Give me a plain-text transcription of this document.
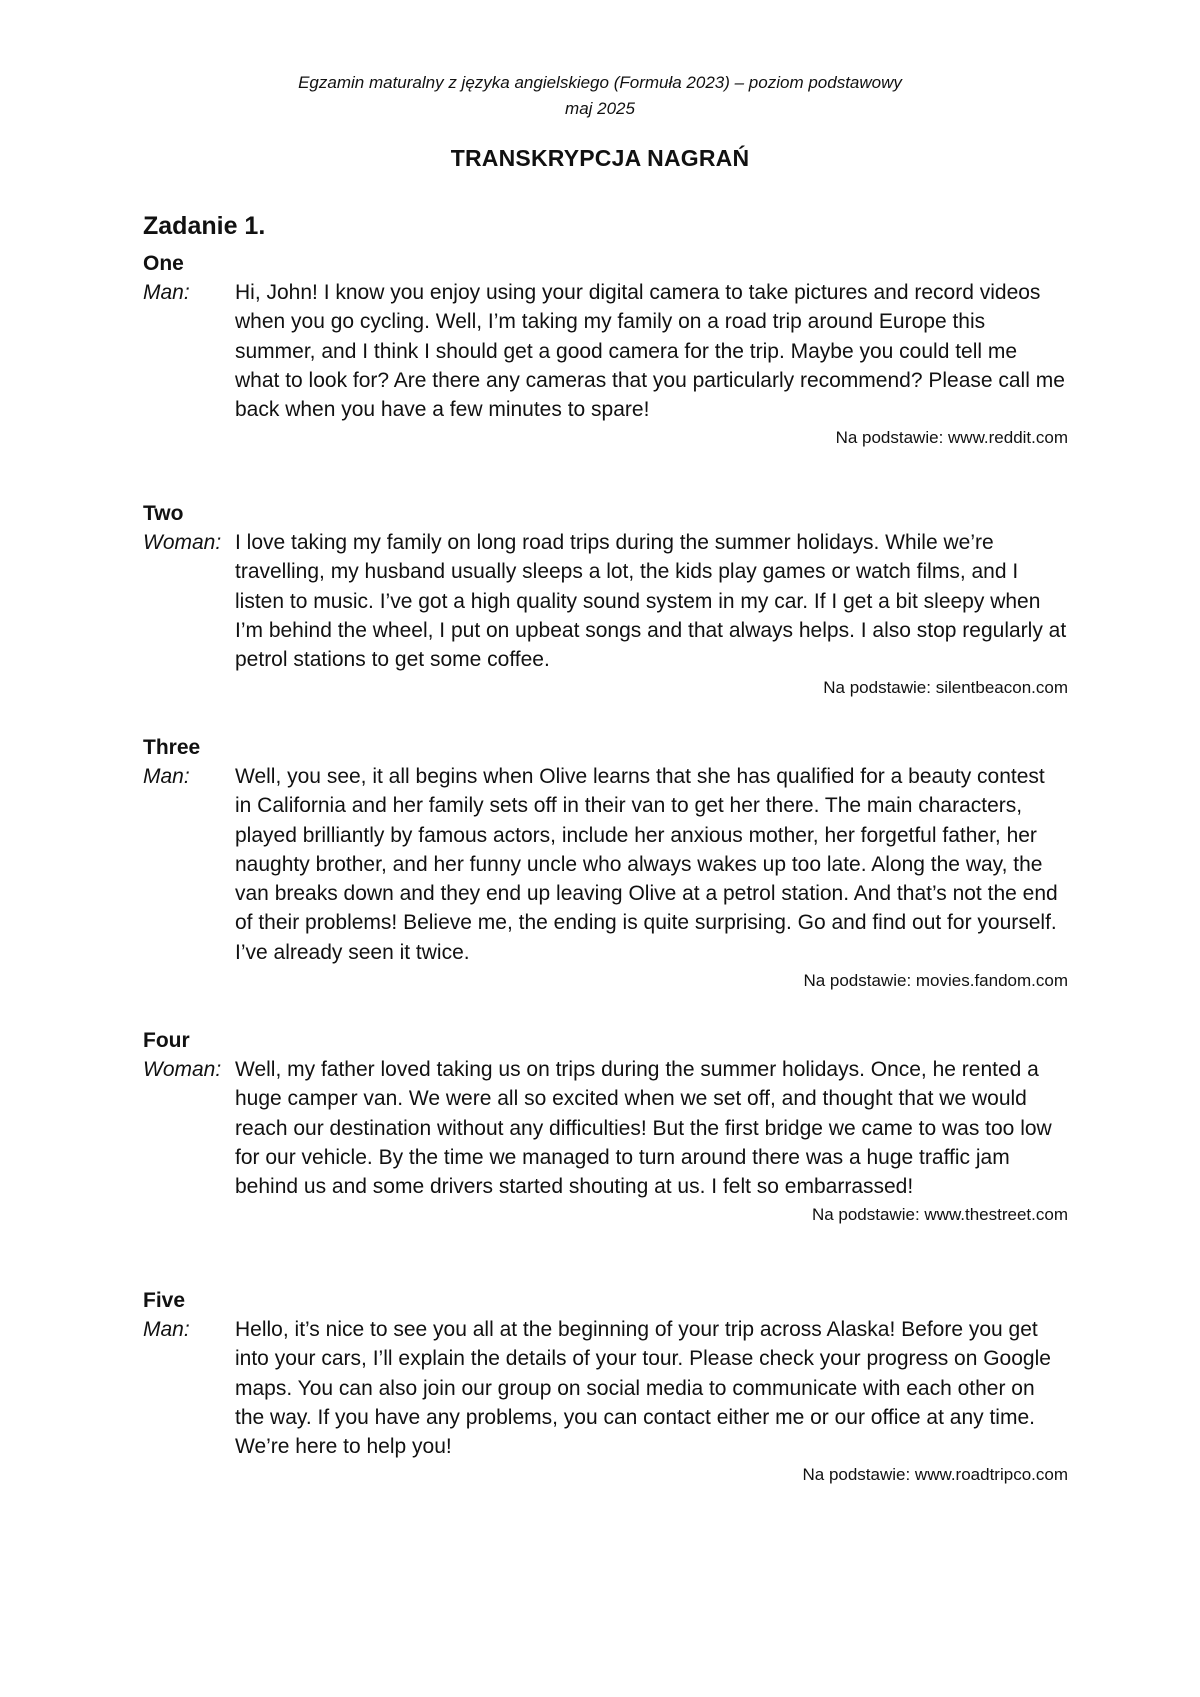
Egzamin maturalny z języka angielskiego (Formuła 2023) – poziom podstawowy
maj 2025
TRANSKRYPCJA NAGRAŃ
Zadanie 1.
One
Man:	Hi, John! I know you enjoy using your digital camera to take pictures and record videos when you go cycling. Well, I’m taking my family on a road trip around Europe this summer, and I think I should get a good camera for the trip. Maybe you could tell me what to look for? Are there any cameras that you particularly recommend? Please call me back when you have a few minutes to spare!
Na podstawie: www.reddit.com
Two
Woman: I love taking my family on long road trips during the summer holidays. While we’re travelling, my husband usually sleeps a lot, the kids play games or watch films, and I listen to music. I’ve got a high quality sound system in my car. If I get a bit sleepy when I’m behind the wheel, I put on upbeat songs and that always helps. I also stop regularly at petrol stations to get some coffee.
Na podstawie: silentbeacon.com
Three
Man:	Well, you see, it all begins when Olive learns that she has qualified for a beauty contest in California and her family sets off in their van to get her there. The main characters, played brilliantly by famous actors, include her anxious mother, her forgetful father, her naughty brother, and her funny uncle who always wakes up too late. Along the way, the van breaks down and they end up leaving Olive at a petrol station. And that’s not the end of their problems! Believe me, the ending is quite surprising. Go and find out for yourself. I’ve already seen it twice.
Na podstawie: movies.fandom.com
Four
Woman: Well, my father loved taking us on trips during the summer holidays. Once, he rented a huge camper van. We were all so excited when we set off, and thought that we would reach our destination without any difficulties! But the first bridge we came to was too low for our vehicle. By the time we managed to turn around there was a huge traffic jam behind us and some drivers started shouting at us. I felt so embarrassed!
Na podstawie: www.thestreet.com
Five
Man:	Hello, it’s nice to see you all at the beginning of your trip across Alaska! Before you get into your cars, I’ll explain the details of your tour. Please check your progress on Google maps. You can also join our group on social media to communicate with each other on the way. If you have any problems, you can contact either me or our office at any time. We’re here to help you!
Na podstawie: www.roadtripco.com
